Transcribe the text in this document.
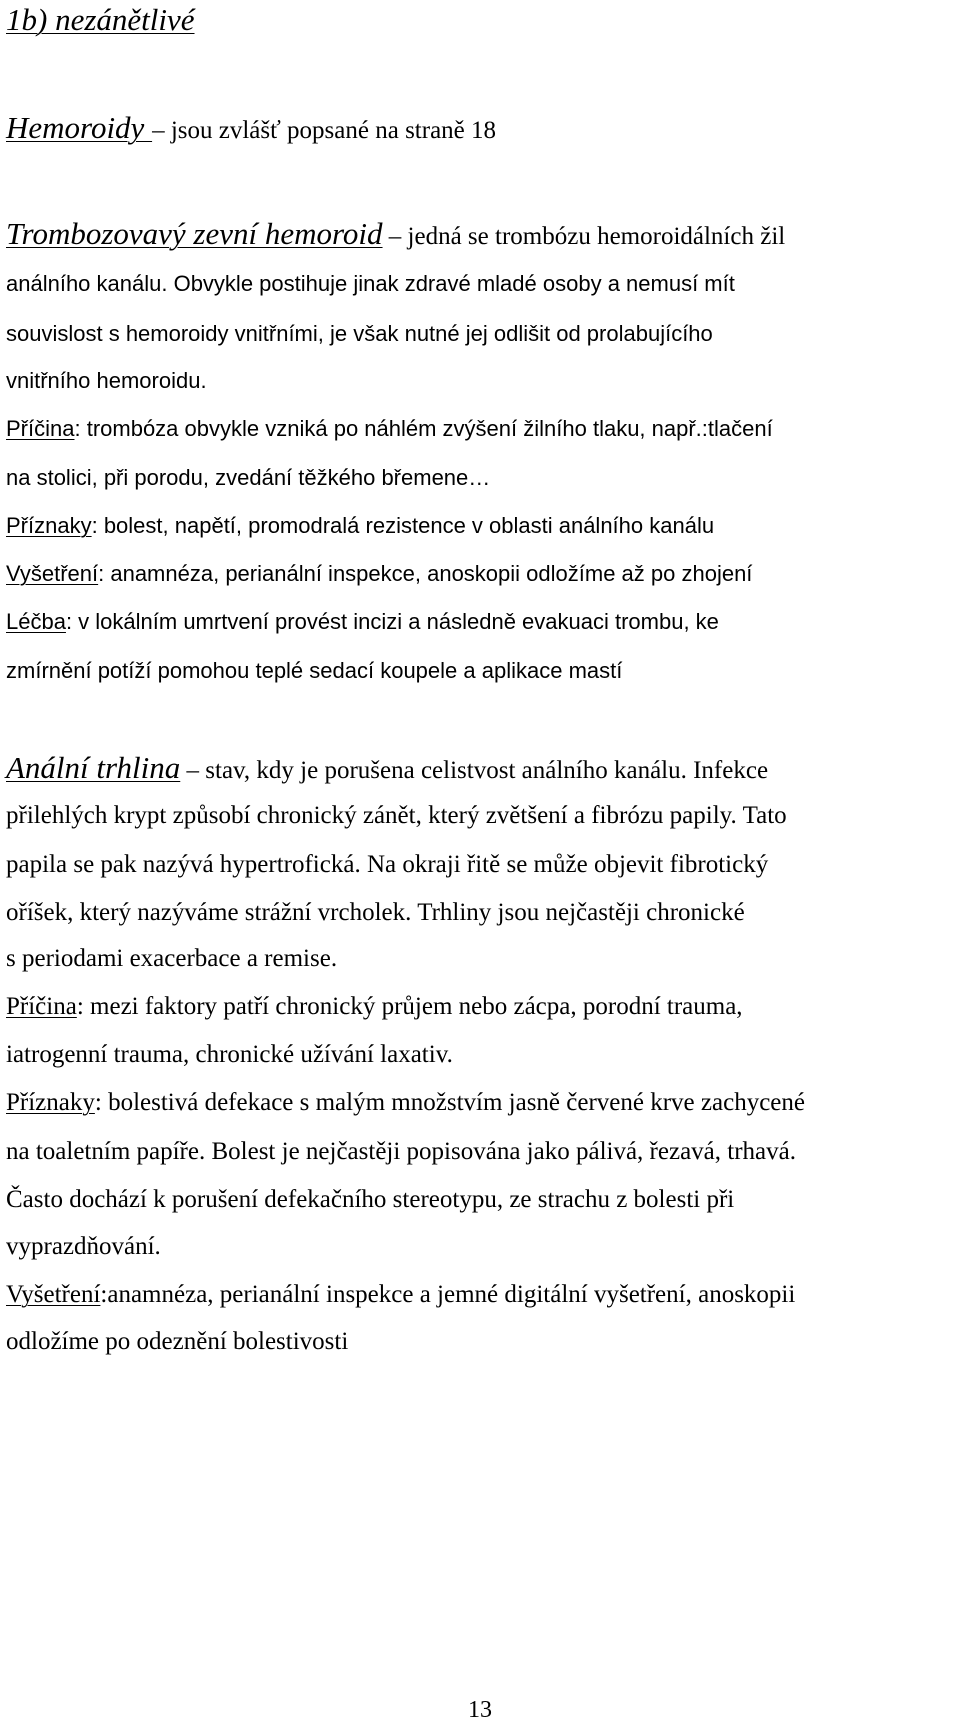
1b) nezánětlivé
Hemoroidy – jsou zvlášť popsané na straně 18
Trombozovavý zevní hemoroid – jedná se trombózu hemoroidálních žil
análního kanálu. Obvykle postihuje jinak zdravé mladé osoby a nemusí mít
souvislost s hemoroidy vnitřními, je však nutné jej odlišit od prolabujícího
vnitřního hemoroidu.
Příčina: trombóza obvykle vzniká po náhlém zvýšení žilního tlaku, např.:tlačení
na stolici, při porodu, zvedání těžkého břemene…
Příznaky: bolest, napětí, promodralá rezistence v oblasti análního kanálu
Vyšetření: anamnéza, perianální inspekce, anoskopii odložíme až po zhojení
Léčba: v lokálním umrtvení provést incizi a následně evakuaci trombu, ke
zmírnění potíží pomohou teplé sedací koupele a aplikace mastí
Anální trhlina – stav, kdy je porušena celistvost análního kanálu. Infekce
přilehlých krypt způsobí chronický zánět, který zvětšení a fibrózu papily. Tato
papila se pak nazývá hypertrofická. Na okraji řitě se může objevit fibrotický
oříšek, který nazýváme strážní vrcholek. Trhliny jsou nejčastěji chronické
s periodami exacerbace a remise.
Příčina: mezi faktory patří chronický průjem nebo zácpa, porodní trauma,
iatrogenní trauma, chronické užívání laxativ.
Příznaky: bolestivá defekace s malým množstvím jasně červené krve zachycené
na toaletním papíře. Bolest je nejčastěji popisována jako pálivá, řezavá, trhavá.
Často dochází k porušení defekačního stereotypu, ze strachu z bolesti při
vyprazdňování.
Vyšetření:anamnéza, perianální inspekce a jemné digitální vyšetření, anoskopii
odložíme po odeznění bolestivosti
13
